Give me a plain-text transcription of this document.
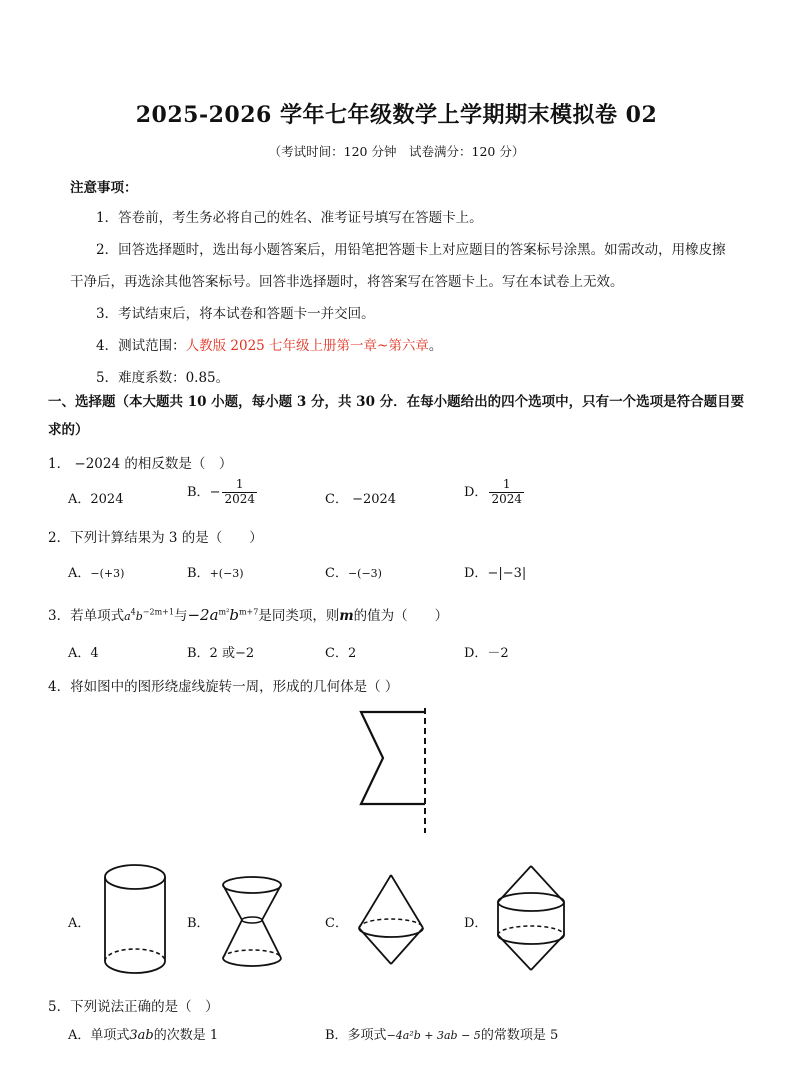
2025-2026 学年七年级数学上学期期末模拟卷 02
（考试时间：120 分钟　试卷满分：120 分）
注意事项：
1．答卷前，考生务必将自己的姓名、准考证号填写在答题卡上。
2．回答选择题时，选出每小题答案后，用铅笔把答题卡上对应题目的答案标号涂黑。如需改动，用橡皮擦
干净后，再选涂其他答案标号。回答非选择题时，将答案写在答题卡上。写在本试卷上无效。
3．考试结束后，将本试卷和答题卡一并交回。
4．测试范围：人教版 2025 七年级上册第一章~第六章。
5．难度系数：0.85。
一、选择题（本大题共 10 小题，每小题 3 分，共 30 分．在每小题给出的四个选项中，只有一个选项是符合题目要
求的）
1． −2024 的相反数是（　）
A．2024	B．− $\frac{1}{2024}$	C． −2024	D． $\frac{1}{2024}$
2．下列计算结果为 3 的是（　　）
A．−(+3)	B．+(−3)	C．−(−3)	D．−|−3|
3．若单项式$a^4b^{-2m+1}$与$-2a^{m^2}b^{m+7}$是同类项，则m的值为（　　）
A．4	B．2 或−2	C．2	D．－2
4．将如图中的图形绕虚线旋转一周，形成的几何体是（ ）
A．	B．	C．	D．
5．下列说法正确的是（　）
A．单项式3ab的次数是 1	B．多项式−4a²b + 3ab − 5的常数项是 5
